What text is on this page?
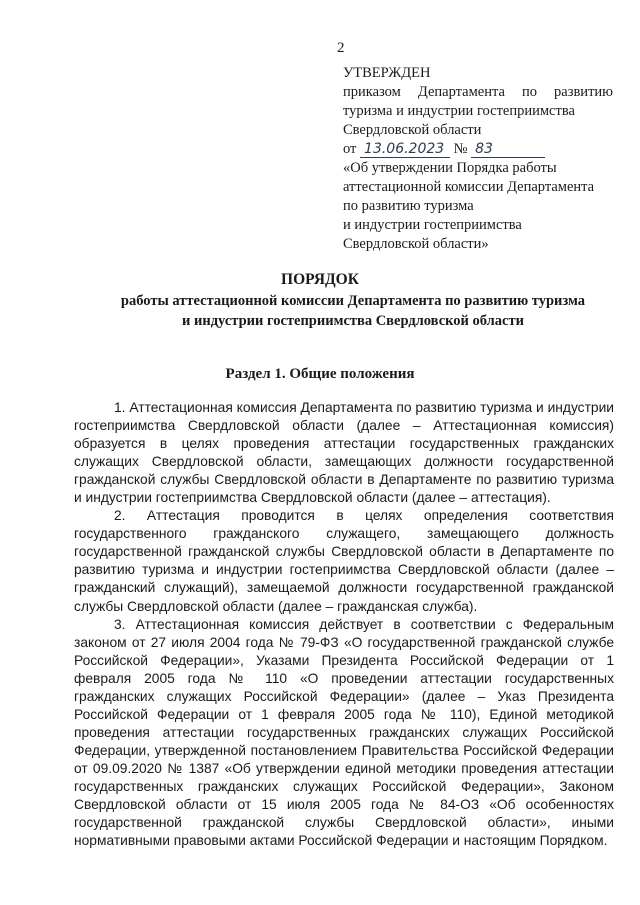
2
УТВЕРЖДЕН
приказом Департамента по развитию
туризма и индустрии гостеприимства
Свердловской области
от 13.06.2023 № 83
«Об утверждении Порядка работы
аттестационной комиссии Департамента
по развитию туризма
и индустрии гостеприимства
Свердловской области»
ПОРЯДОК
работы аттестационной комиссии Департамента по развитию туризма
и индустрии гостеприимства Свердловской области
Раздел 1. Общие положения

1. Аттестационная комиссия Департамента по развитию туризма и индустрии гостеприимства Свердловской области (далее – Аттестационная комиссия) образуется в целях проведения аттестации государственных гражданских служащих Свердловской области, замещающих должности государственной гражданской службы Свердловской области в Департаменте по развитию туризма и индустрии гостеприимства Свердловской области (далее – аттестация).

2. Аттестация проводится в целях определения соответствия государственного гражданского служащего, замещающего должность государственной гражданской службы Свердловской области в Департаменте по развитию туризма и индустрии гостеприимства Свердловской области (далее – гражданский служащий), замещаемой должности государственной гражданской службы Свердловской области (далее – гражданская служба).

3. Аттестационная комиссия действует в соответствии с Федеральным законом от 27 июля 2004 года № 79-ФЗ «О государственной гражданской службе Российской Федерации», Указами Президента Российской Федерации от 1 февраля 2005 года № 110 «О проведении аттестации государственных гражданских служащих Российской Федерации» (далее – Указ Президента Российской Федерации от 1 февраля 2005 года № 110), Единой методикой проведения аттестации государственных гражданских служащих Российской Федерации, утвержденной постановлением Правительства Российской Федерации от 09.09.2020 № 1387 «Об утверждении единой методики проведения аттестации государственных гражданских служащих Российской Федерации», Законом Свердловской области от 15 июля 2005 года № 84-ОЗ «Об особенностях государственной гражданской службы Свердловской области», иными нормативными правовыми актами Российской Федерации и настоящим Порядком.
